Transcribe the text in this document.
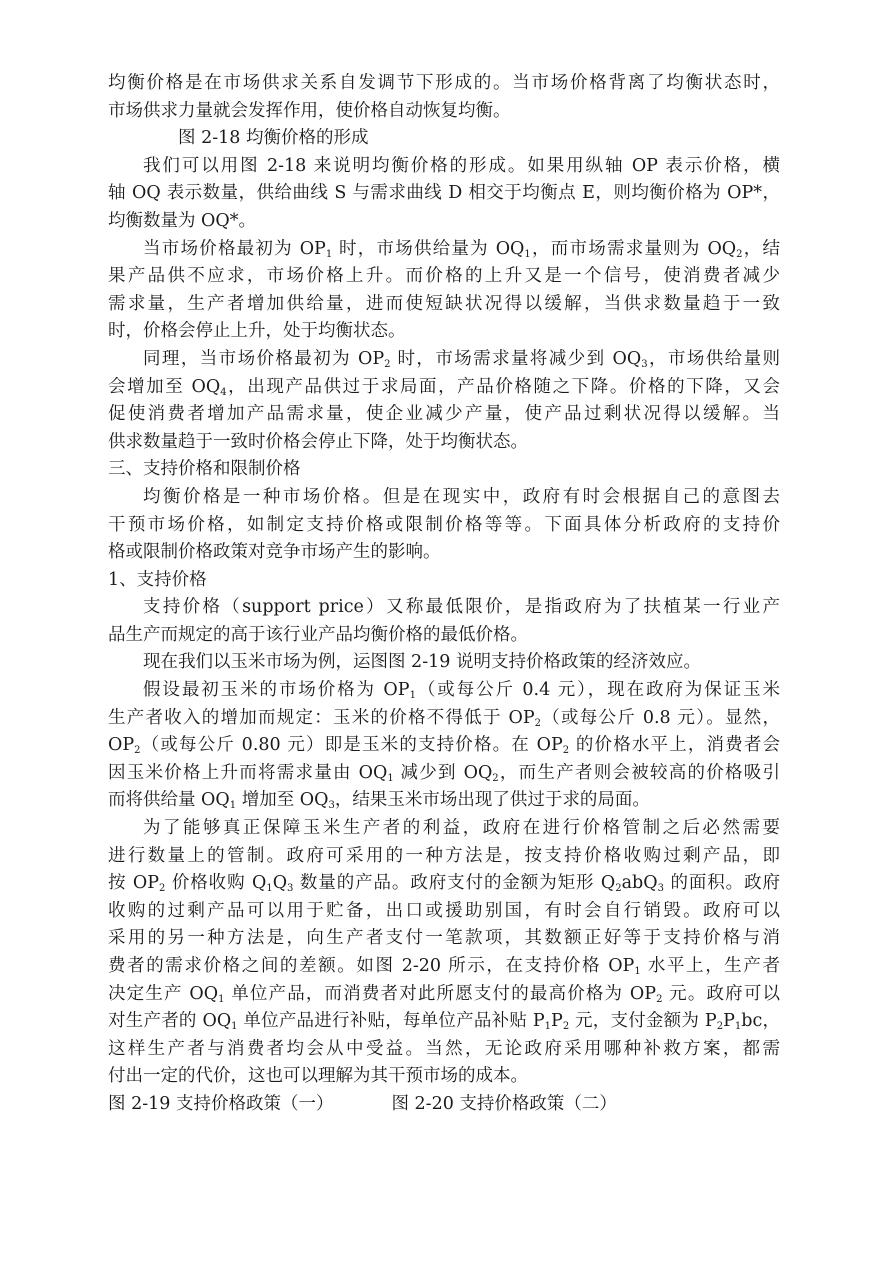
均衡价格是在市场供求关系自发调节下形成的。当市场价格背离了均衡状态时，
市场供求力量就会发挥作用，使价格自动恢复均衡。
图 2-18 均衡价格的形成
我们可以用图 2-18 来说明均衡价格的形成。如果用纵轴 OP 表示价格，横
轴 OQ 表示数量，供给曲线 S 与需求曲线 D 相交于均衡点 E，则均衡价格为 OP*，
均衡数量为 OQ*。
当市场价格最初为 $OP_1$ 时，市场供给量为 $OQ_1$，而市场需求量则为 $OQ_2$，结
果产品供不应求，市场价格上升。而价格的上升又是一个信号，使消费者减少
需求量，生产者增加供给量，进而使短缺状况得以缓解，当供求数量趋于一致
时，价格会停止上升，处于均衡状态。
同理，当市场价格最初为 $OP_2$ 时，市场需求量将减少到 $OQ_3$，市场供给量则
会增加至 $OQ_4$，出现产品供过于求局面，产品价格随之下降。价格的下降，又会
促使消费者增加产品需求量，使企业减少产量，使产品过剩状况得以缓解。当
供求数量趋于一致时价格会停止下降，处于均衡状态。
三、支持价格和限制价格
均衡价格是一种市场价格。但是在现实中，政府有时会根据自己的意图去
干预市场价格，如制定支持价格或限制价格等等。下面具体分析政府的支持价
格或限制价格政策对竞争市场产生的影响。
1、支持价格
支持价格（support price）又称最低限价，是指政府为了扶植某一行业产
品生产而规定的高于该行业产品均衡价格的最低价格。
现在我们以玉米市场为例，运图图 2-19 说明支持价格政策的经济效应。
假设最初玉米的市场价格为 $OP_1$（或每公斤 0.4 元），现在政府为保证玉米
生产者收入的增加而规定：玉米的价格不得低于 $OP_2$（或每公斤 0.8 元）。显然，
$OP_2$（或每公斤 0.80 元）即是玉米的支持价格。在 $OP_2$ 的价格水平上，消费者会
因玉米价格上升而将需求量由 $OQ_1$ 减少到 $OQ_2$，而生产者则会被较高的价格吸引
而将供给量 $OQ_1$ 增加至 $OQ_3$，结果玉米市场出现了供过于求的局面。
为了能够真正保障玉米生产者的利益，政府在进行价格管制之后必然需要
进行数量上的管制。政府可采用的一种方法是，按支持价格收购过剩产品，即
按 $OP_2$ 价格收购 $Q_1Q_3$ 数量的产品。政府支付的金额为矩形 $Q_2abQ_3$ 的面积。政府
收购的过剩产品可以用于贮备，出口或援助别国，有时会自行销毁。政府可以
采用的另一种方法是，向生产者支付一笔款项，其数额正好等于支持价格与消
费者的需求价格之间的差额。如图 2-20 所示，在支持价格 $OP_1$ 水平上，生产者
决定生产 $OQ_1$ 单位产品，而消费者对此所愿支付的最高价格为 $OP_2$ 元。政府可以
对生产者的 $OQ_1$ 单位产品进行补贴，每单位产品补贴 $P_1P_2$ 元，支付金额为 $P_2P_1bc$，
这样生产者与消费者均会从中受益。当然，无论政府采用哪种补救方案，都需
付出一定的代价，这也可以理解为其干预市场的成本。
图 2-19 支持价格政策（一）	图 2-20 支持价格政策（二）
